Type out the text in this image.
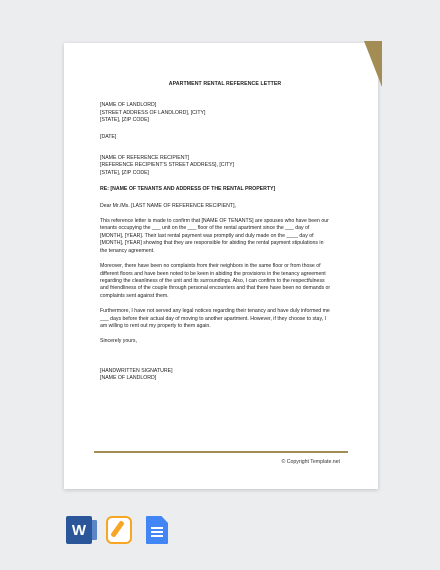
APARTMENT RENTAL REFERENCE LETTER

[NAME OF LANDLORD]

[STREET ADDRESS OF LANDLORD], [CITY]

[STATE], [ZIP CODE]

[DATE]

[NAME OF REFERENCE RECIPIENT]

[REFERENCE RECIPIENT'S STREET ADDRESS], [CITY]

[STATE], [ZIP CODE]

RE: [NAME OF TENANTS AND ADDRESS OF THE RENTAL PROPERTY]

Dear Mr./Ms. [LAST NAME OF REFERENCE RECIPIENT],

This reference letter is made to confirm that [NAME OF TENANTS] are spouses who have been our

tenants occupying the ___ unit on the ___ floor of the rental apartment since the ___ day of

[MONTH], [YEAR]. Their last rental payment was promptly and duly made on the ____ day of

[MONTH], [YEAR] showing that they are responsible for abiding the rental payment stipulations in

the tenancy agreement.

Moreover, there have been no complaints from their neighbors in the same floor or from those of

different floors and have been noted to be keen in abiding the provisions in the tenancy agreement

regarding the cleanliness of the unit and its surroundings. Also, I can confirm to the respectfulness

and friendliness of the couple through personal encounters and that there have been no demands or

complaints sent against them.

Furthermore, I have not served any legal notices regarding their tenancy and have duly informed me

___ days before their actual day of moving to another apartment. However, if they choose to stay, I

am willing to rent out my property to them again.

Sincerely yours,

[HANDWRITTEN SIGNATURE]

[NAME OF LANDLORD]

© Copyright Template.net
W
